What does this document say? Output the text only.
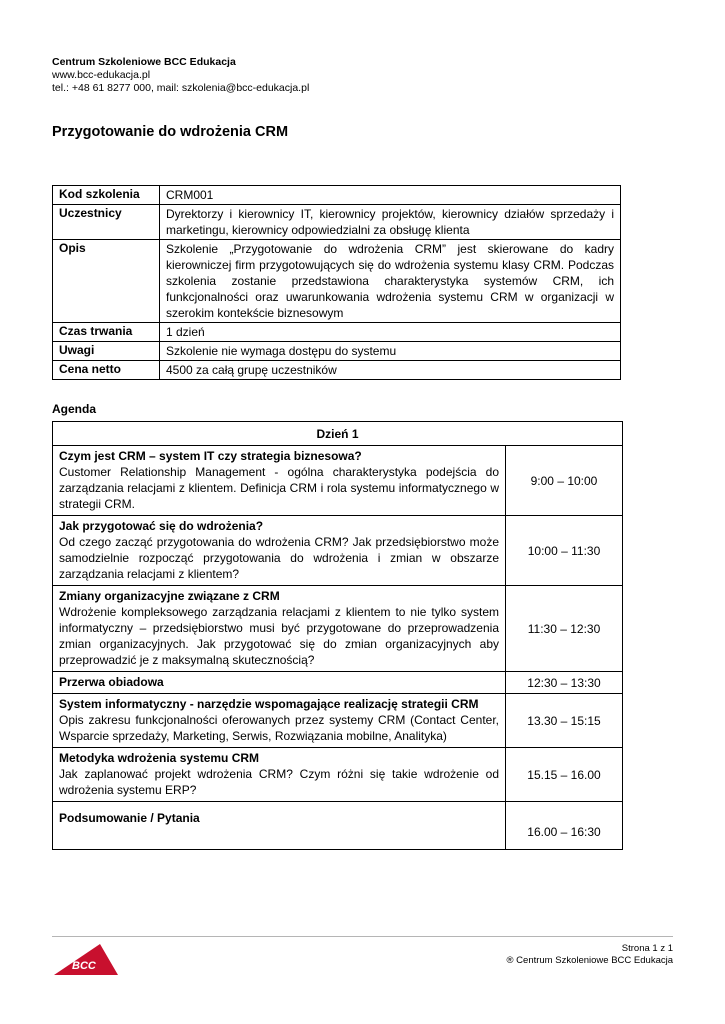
Centrum Szkoleniowe BCC Edukacja
www.bcc-edukacja.pl
tel.: +48 61 8277 000, mail: szkolenia@bcc-edukacja.pl
Przygotowanie do wdrożenia CRM
Kod szkolenia	CRM001
Uczestnicy	Dyrektorzy i kierownicy IT, kierownicy projektów, kierownicy działów sprzedaży i marketingu, kierownicy odpowiedzialni za obsługę klienta
Opis	Szkolenie „Przygotowanie do wdrożenia CRM” jest skierowane do kadry kierowniczej firm przygotowujących się do wdrożenia systemu klasy CRM. Podczas szkolenia zostanie przedstawiona charakterystyka systemów CRM, ich funkcjonalności oraz uwarunkowania wdrożenia systemu CRM w organizacji w szerokim kontekście biznesowym
Czas trwania	1 dzień
Uwagi	Szkolenie nie wymaga dostępu do systemu
Cena netto	4500 za całą grupę uczestników
Agenda
Dzień 1	

Czym jest CRM – system IT czy strategia biznesowa?
Customer Relationship Management - ogólna charakterystyka podejścia do zarządzania relacjami z klientem. Definicja CRM i rola systemu informatycznego w strategii CRM.	9:00 – 10:00

Jak przygotować się do wdrożenia?
Od czego zacząć przygotowania do wdrożenia CRM? Jak przedsiębiorstwo może samodzielnie rozpocząć przygotowania do wdrożenia i zmian w obszarze zarządzania relacjami z klientem?	10:00 – 11:30

Zmiany organizacyjne związane z CRM
Wdrożenie kompleksowego zarządzania relacjami z klientem to nie tylko system informatyczny – przedsiębiorstwo musi być przygotowane do przeprowadzenia zmian organizacyjnych. Jak przygotować się do zmian organizacyjnych aby przeprowadzić je z maksymalną skutecznością?	11:30 – 12:30

Przerwa obiadowa	12:30 – 13:30

System informatyczny - narzędzie wspomagające realizację strategii CRM
Opis zakresu funkcjonalności oferowanych przez systemy CRM (Contact Center, Wsparcie sprzedaży, Marketing, Serwis, Rozwiązania mobilne, Analityka)	13.30 – 15:15

Metodyka wdrożenia systemu CRM
Jak zaplanować projekt wdrożenia CRM? Czym różni się takie wdrożenie od wdrożenia systemu ERP?	15.15 – 16.00

Podsumowanie / Pytania	16.00 – 16:30
BCC
Strona 1 z 1
® Centrum Szkoleniowe BCC Edukacja
